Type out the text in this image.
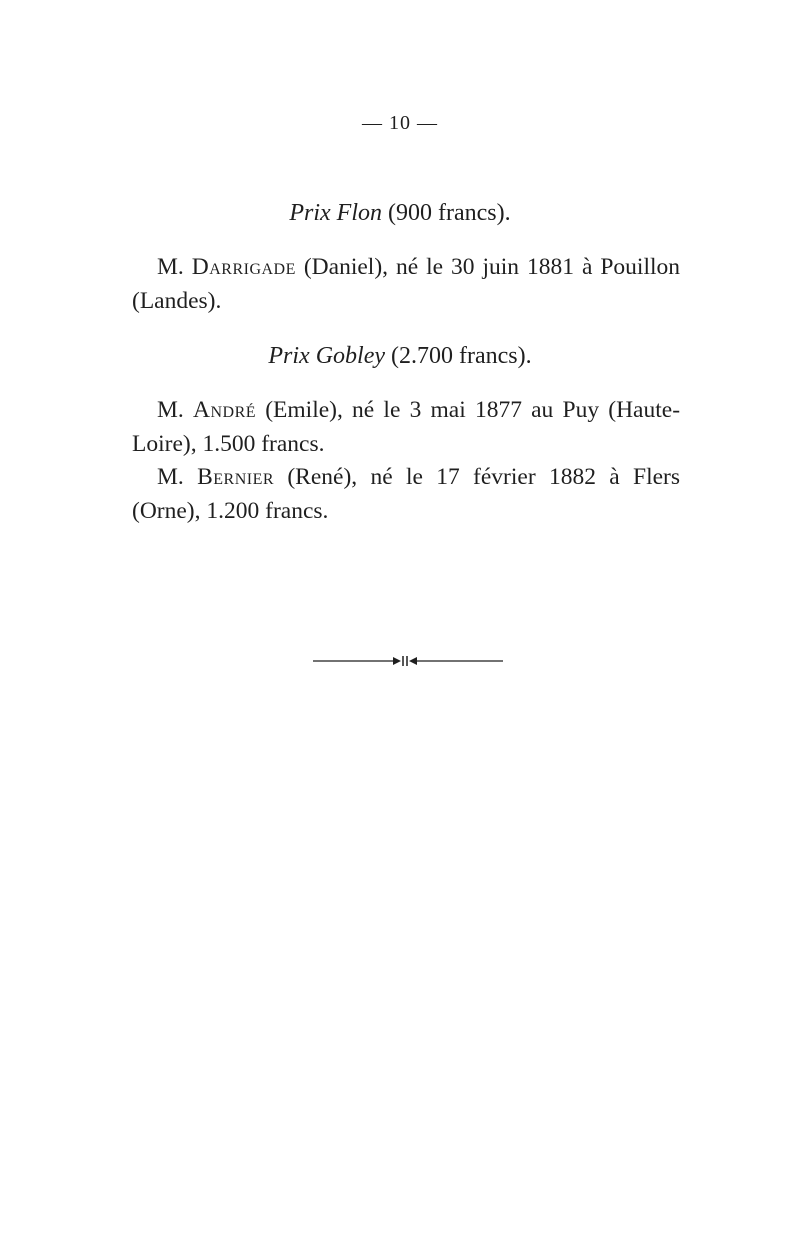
— 10 —
Prix Flon (900 francs).

M. Darrigade (Daniel), né le 30 juin 1881 à Pouillon (Landes).

Prix Gobley (2.700 francs).

M. André (Emile), né le 3 mai 1877 au Puy (Haute-Loire), 1.500 francs.

M. Bernier (René), né le 17 février 1882 à Flers (Orne), 1.200 francs.
